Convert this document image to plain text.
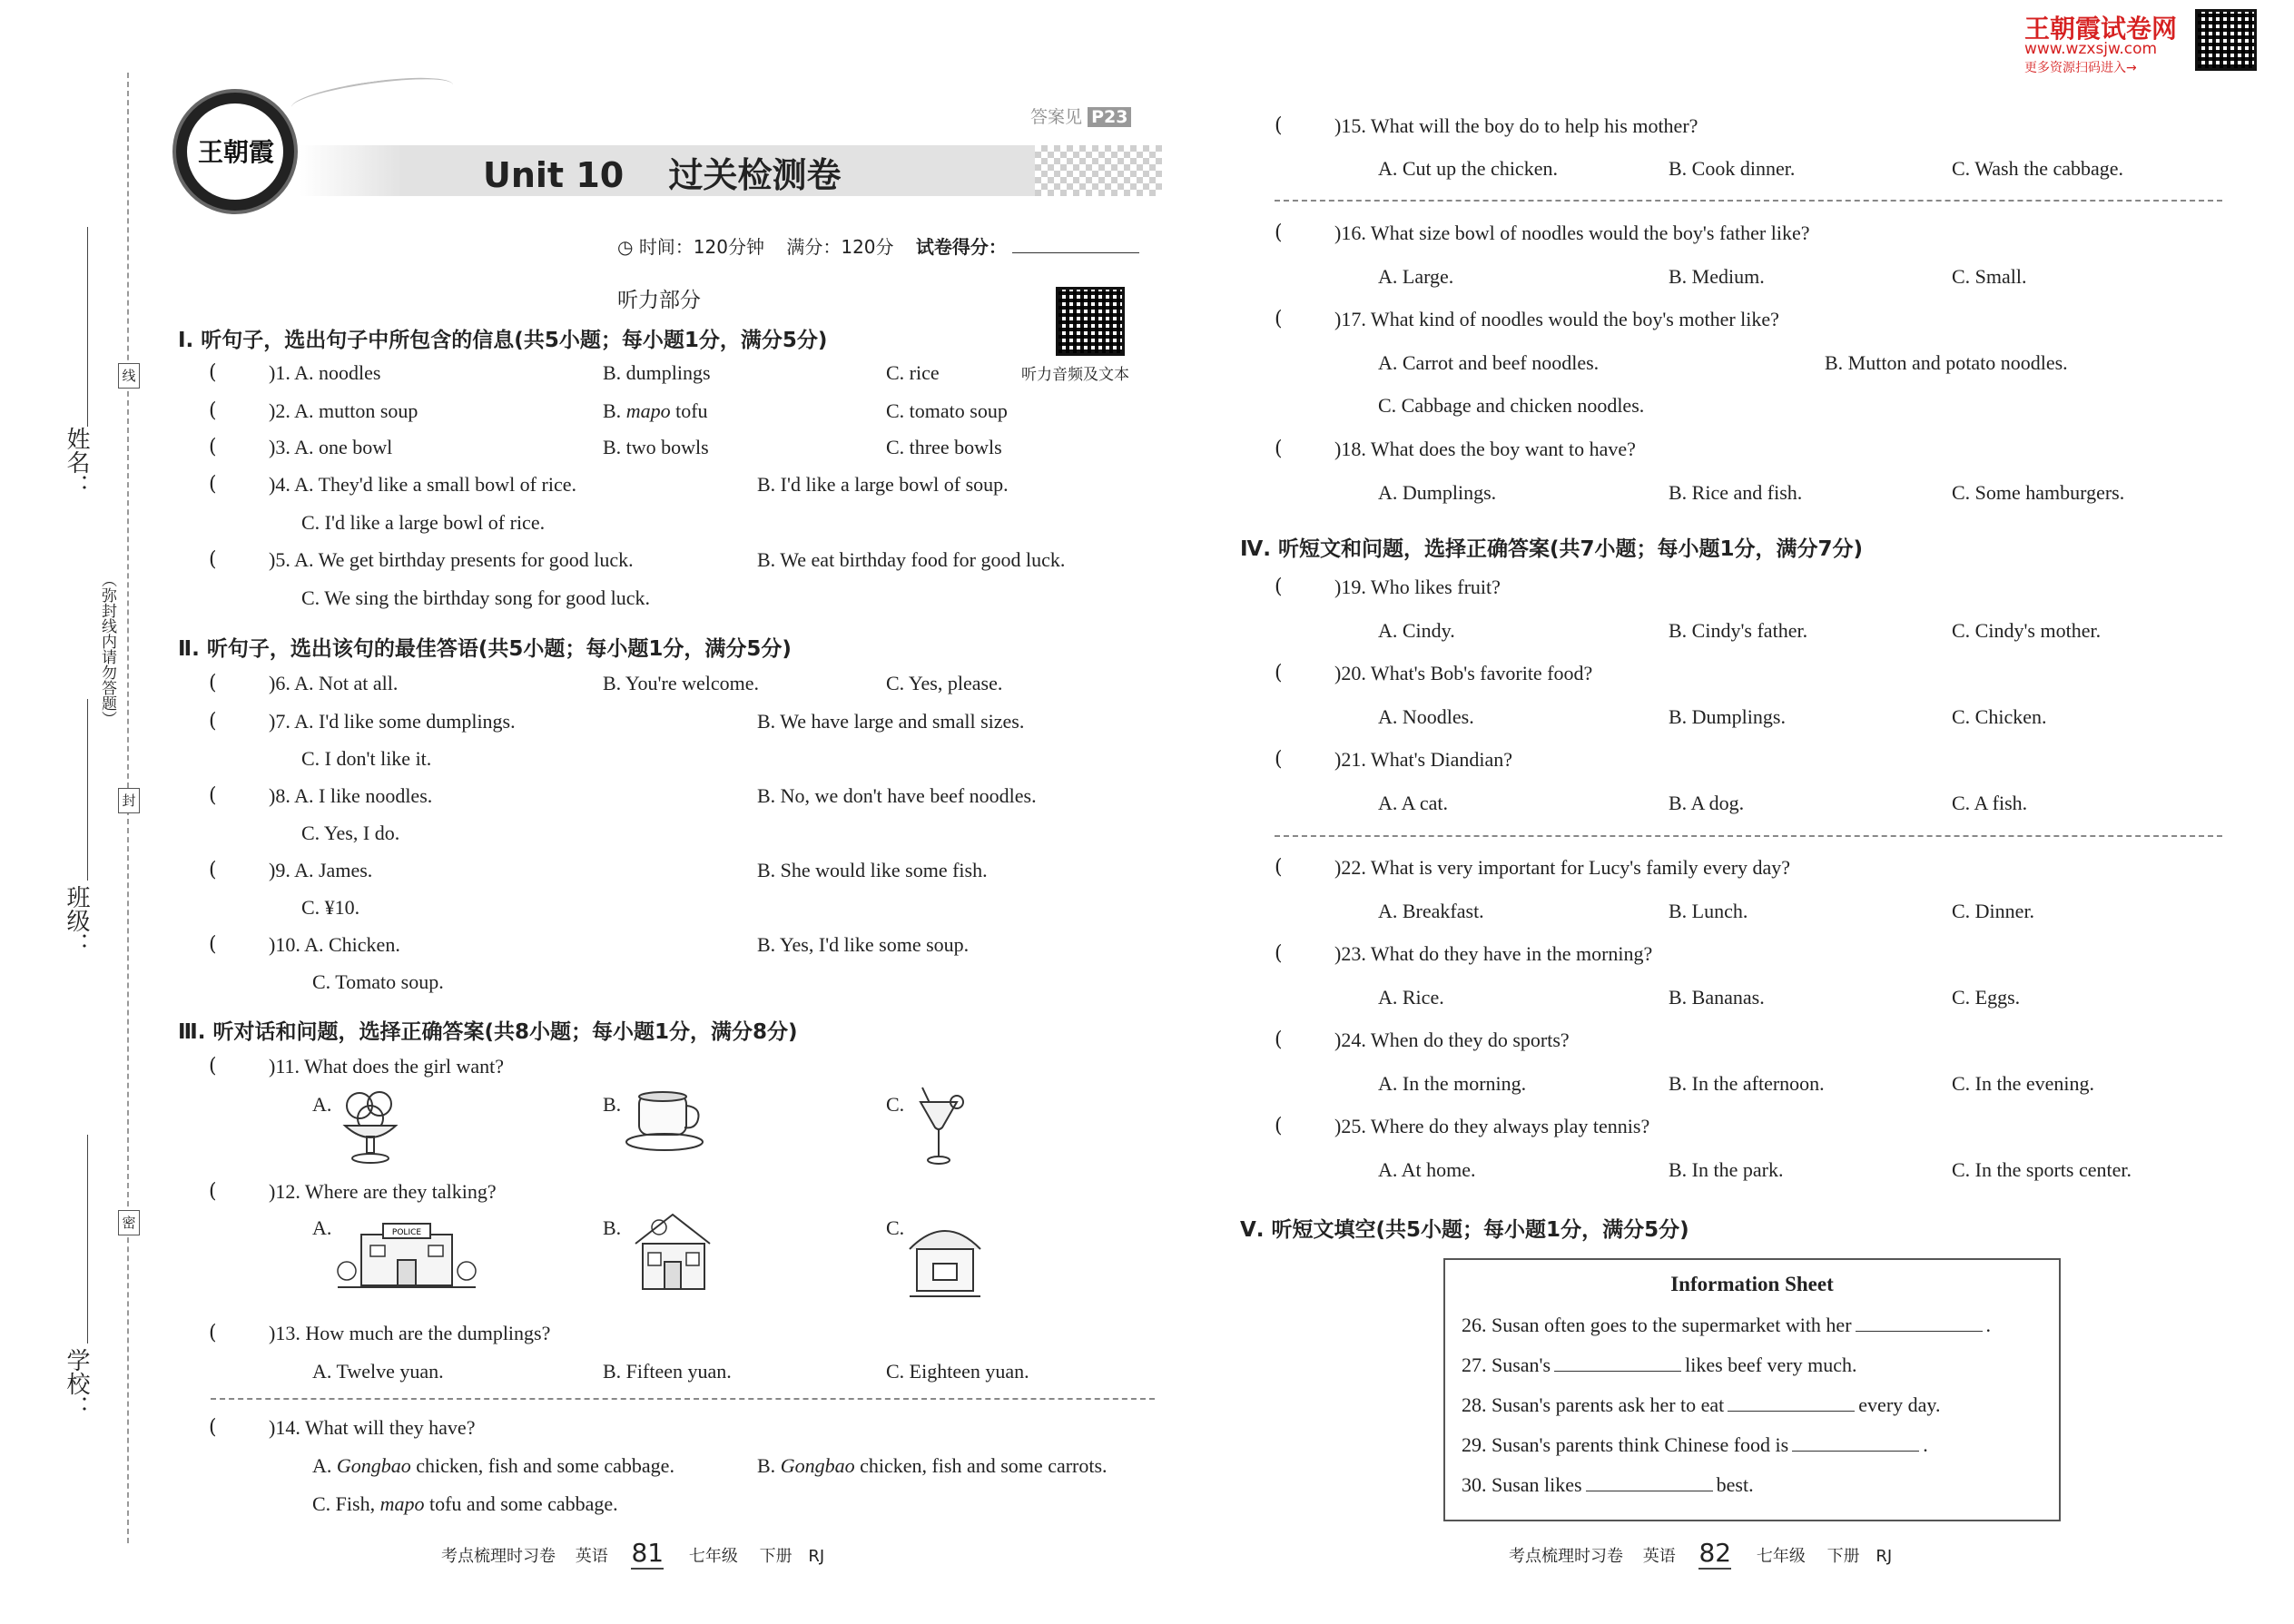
姓名：
班级：
学校：
（弥封线内请勿答题）
线
封
密
王朝霞
答案见 P23
Unit 10 过关检测卷
◷ 时间：120分钟 满分：120分 试卷得分：
听力音频及文本
王朝霞试卷网
www.wzxsjw.com
更多资源扫码进入→
听力部分
Ⅰ. 听句子，选出句子中所包含的信息(共5小题；每小题1分，满分5分)
(	)1. A. noodles	B. dumplings	C. rice
(	)2. A. mutton soup	B. mapo tofu	C. tomato soup
(	)3. A. one bowl	B. two bowls	C. three bowls
(	)4. A. They'd like a small bowl of rice.	B. I'd like a large bowl of soup.
C. I'd like a large bowl of rice.
(	)5. A. We get birthday presents for good luck.	B. We eat birthday food for good luck.
C. We sing the birthday song for good luck.
Ⅱ. 听句子，选出该句的最佳答语(共5小题；每小题1分，满分5分)
(	)6. A. Not at all.	B. You're welcome.	C. Yes, please.
(	)7. A. I'd like some dumplings.	B. We have large and small sizes.
C. I don't like it.
(	)8. A. I like noodles.	B. No, we don't have beef noodles.
C. Yes, I do.
(	)9. A. James.	B. She would like some fish.
C. ¥10.
(	)10. A. Chicken.	B. Yes, I'd like some soup.
C. Tomato soup.
Ⅲ. 听对话和问题，选择正确答案(共8小题；每小题1分，满分8分)
(	)11. What does the girl want?
A.	B.	C.
(	)12. Where are they talking?
A.	B.	C.
POLICE
(	)13. How much are the dumplings?
A. Twelve yuan.	B. Fifteen yuan.	C. Eighteen yuan.
(	)14. What will they have?
A. Gongbao chicken, fish and some cabbage.	B. Gongbao chicken, fish and some carrots.
C. Fish, mapo tofu and some cabbage.
考点梳理时习卷 英语 81 七年级 下册 RJ
(	)15. What will the boy do to help his mother?
A. Cut up the chicken.	B. Cook dinner.	C. Wash the cabbage.
(	)16. What size bowl of noodles would the boy's father like?
A. Large.	B. Medium.	C. Small.
(	)17. What kind of noodles would the boy's mother like?
A. Carrot and beef noodles.	B. Mutton and potato noodles.
C. Cabbage and chicken noodles.
(	)18. What does the boy want to have?
A. Dumplings.	B. Rice and fish.	C. Some hamburgers.
Ⅳ. 听短文和问题，选择正确答案(共7小题；每小题1分，满分7分)
(	)19. Who likes fruit?
A. Cindy.	B. Cindy's father.	C. Cindy's mother.
(	)20. What's Bob's favorite food?
A. Noodles.	B. Dumplings.	C. Chicken.
(	)21. What's Diandian?
A. A cat.	B. A dog.	C. A fish.
(	)22. What is very important for Lucy's family every day?
A. Breakfast.	B. Lunch.	C. Dinner.
(	)23. What do they have in the morning?
A. Rice.	B. Bananas.	C. Eggs.
(	)24. When do they do sports?
A. In the morning.	B. In the afternoon.	C. In the evening.
(	)25. Where do they always play tennis?
A. At home.	B. In the park.	C. In the sports center.
Ⅴ. 听短文填空(共5小题；每小题1分，满分5分)
Information Sheet
26. Susan often goes to the supermarket with her	.
27. Susan's	likes beef very much.
28. Susan's parents ask her to eat	every day.
29. Susan's parents think Chinese food is	.
30. Susan likes	best.
考点梳理时习卷 英语 82 七年级 下册 RJ
